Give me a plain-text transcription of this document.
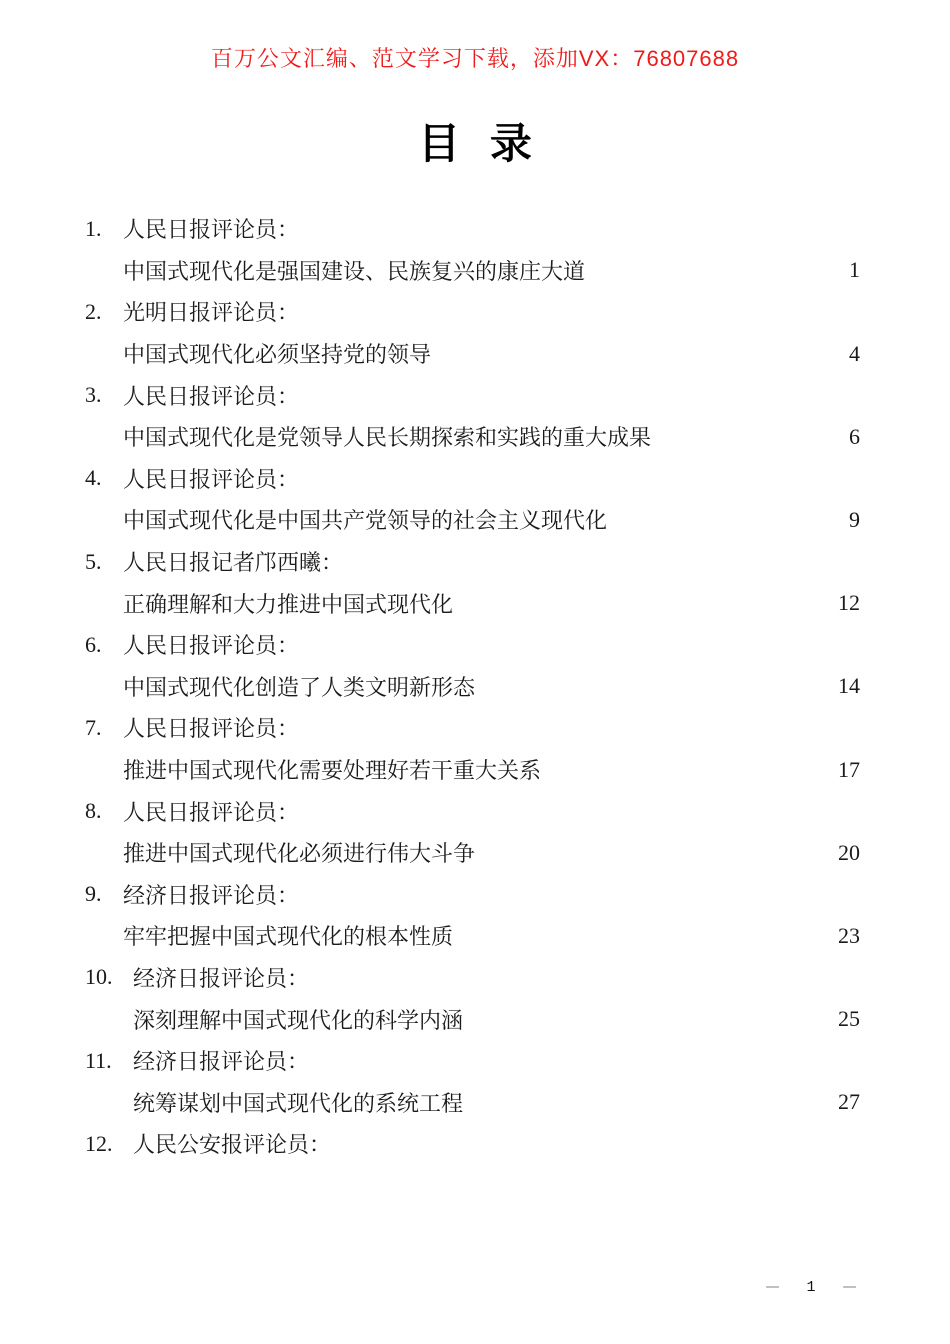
百万公文汇编、范文学习下载，添加VX：76807688
目 录
1. 人民日报评论员：
中国式现代化是强国建设、民族复兴的康庄大道	1
2. 光明日报评论员：
中国式现代化必须坚持党的领导	4
3. 人民日报评论员：
中国式现代化是党领导人民长期探索和实践的重大成果	6
4. 人民日报评论员：
中国式现代化是中国共产党领导的社会主义现代化	9
5. 人民日报记者邝西曦：
正确理解和大力推进中国式现代化	12
6. 人民日报评论员：
中国式现代化创造了人类文明新形态	14
7. 人民日报评论员：
推进中国式现代化需要处理好若干重大关系	17
8. 人民日报评论员：
推进中国式现代化必须进行伟大斗争	20
9. 经济日报评论员：
牢牢把握中国式现代化的根本性质	23
10. 经济日报评论员：
深刻理解中国式现代化的科学内涵	25
11. 经济日报评论员：
统筹谋划中国式现代化的系统工程	27
12. 人民公安报评论员：
— 1 —
